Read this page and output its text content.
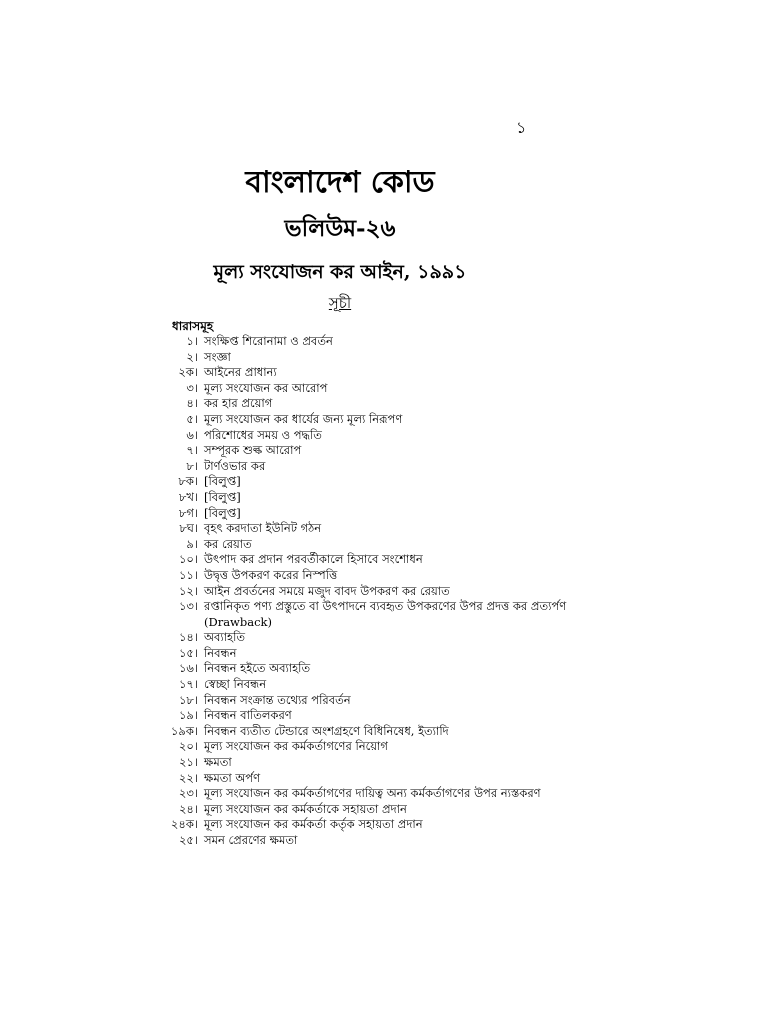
১
বাংলাদেশ কোড
ভলিউম-২৬
মূল্য সংযোজন কর আইন, ১৯৯১
সূচী
ধারাসমূহ
১। সংক্ষিপ্ত শিরোনামা ও প্রবর্তন
২। সংজ্ঞা
২ক। আইনের প্রাধান্য
৩। মূল্য সংযোজন কর আরোপ
৪। কর হার প্রয়োগ
৫। মূল্য সংযোজন কর ধার্যের জন্য মূল্য নিরূপণ
৬। পরিশোধের সময় ও পদ্ধতি
৭। সম্পূরক শুল্ক আরোপ
৮। টার্ণওভার কর
৮ক। [বিলুপ্ত]
৮খ। [বিলুপ্ত]
৮গ। [বিলুপ্ত]
৮ঘ। বৃহৎ করদাতা ইউনিট গঠন
৯। কর রেয়াত
১০। উৎপাদ কর প্রদান পরবর্তীকালে হিসাবে সংশোধন
১১। উদ্বৃত্ত উপকরণ করের নিস্পত্তি
১২। আইন প্রবর্তনের সময়ে মজুদ বাবদ উপকরণ কর রেয়াত
১৩। রপ্তানিকৃত পণ্য প্রস্তুতে বা উৎপাদনে ব্যবহৃত উপকরণের উপর প্রদত্ত কর প্রত্যর্পণ (Drawback)
১৪। অব্যাহতি
১৫। নিবন্ধন
১৬। নিবন্ধন হইতে অব্যাহতি
১৭। স্বেচ্ছা নিবন্ধন
১৮। নিবন্ধন সংক্রান্ত তথ্যের পরিবর্তন
১৯। নিবন্ধন বাতিলকরণ
১৯ক। নিবন্ধন ব্যতীত টেন্ডারে অংশগ্রহণে বিধিনিষেধ, ইত্যাদি
২০। মূল্য সংযোজন কর কর্মকর্তাগণের নিয়োগ
২১। ক্ষমতা
২২। ক্ষমতা অর্পণ
২৩। মূল্য সংযোজন কর কর্মকর্তাগণের দায়িত্ব অন্য কর্মকর্তাগণের উপর ন্যস্তকরণ
২৪। মূল্য সংযোজন কর কর্মকর্তাকে সহায়তা প্রদান
২৪ক। মূল্য সংযোজন কর কর্মকর্তা কর্তৃক সহায়তা প্রদান
২৫। সমন প্রেরণের ক্ষমতা
